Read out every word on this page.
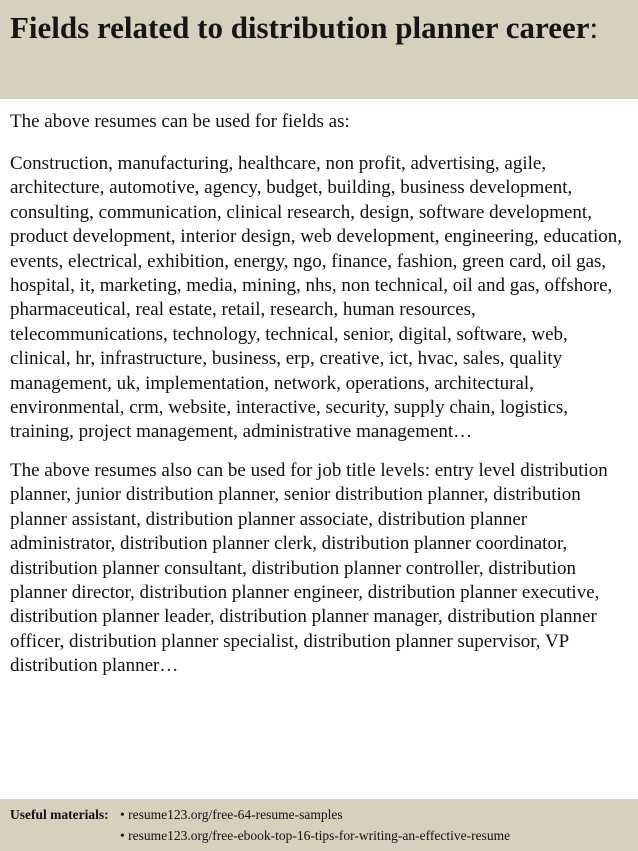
Fields related to distribution planner career:

The above resumes can be used for fields as:

Construction, manufacturing, healthcare, non profit, advertising, agile, architecture, automotive, agency, budget, building, business development, consulting, communication, clinical research, design, software development, product development, interior design, web development, engineering, education, events, electrical, exhibition, energy, ngo, finance, fashion, green card, oil gas, hospital, it, marketing, media, mining, nhs, non technical, oil and gas, offshore, pharmaceutical, real estate, retail, research, human resources, telecommunications, technology, technical, senior, digital, software, web, clinical, hr, infrastructure, business, erp, creative, ict, hvac, sales, quality management, uk, implementation, network, operations, architectural, environmental, crm, website, interactive, security, supply chain, logistics, training, project management, administrative management…

The above resumes also can be used for job title levels: entry level distribution planner, junior distribution planner, senior distribution planner, distribution planner assistant, distribution planner associate, distribution planner administrator, distribution planner clerk, distribution planner coordinator, distribution planner consultant, distribution planner controller, distribution planner director, distribution planner engineer, distribution planner executive, distribution planner leader, distribution planner manager, distribution planner officer, distribution planner specialist, distribution planner supervisor, VP distribution planner…

Useful materials: • resume123.org/free-64-resume-samples
• resume123.org/free-ebook-top-16-tips-for-writing-an-effective-resume
